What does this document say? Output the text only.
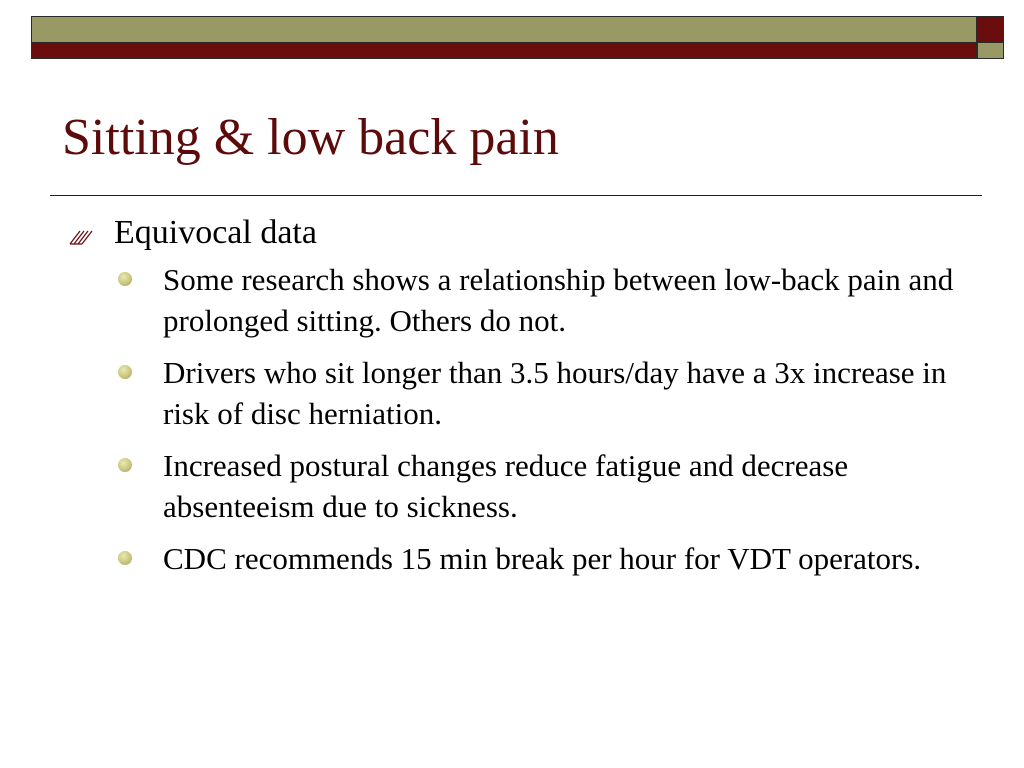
Sitting & low back pain
Equivocal data
Some research shows a relationship between low-back pain and prolonged sitting. Others do not.
Drivers who sit longer than 3.5 hours/day have a 3x increase in risk of disc herniation.
Increased postural changes reduce fatigue and decrease absenteeism due to sickness.
CDC recommends 15 min break per hour for VDT operators.
